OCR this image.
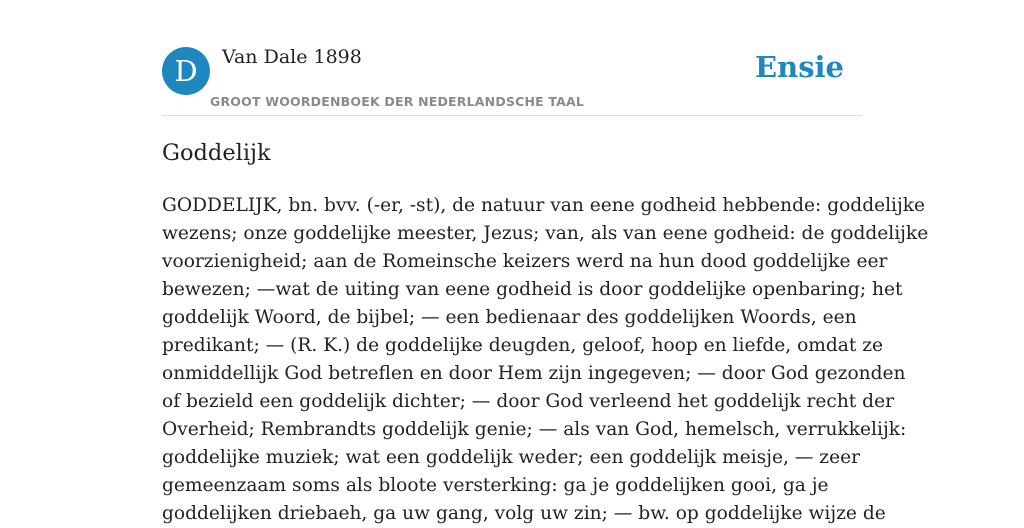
D	Van Dale 1898
GROOT WOORDENBOEK DER NEDERLANDSCHE TAAL
Ensie
Goddelijk

GODDELIJK, bn. bvv. (-er, -st), de natuur van eene godheid hebbende: goddelijke
wezens; onze goddelijke meester, Jezus; van, als van eene godheid: de goddelijke
voorzienigheid; aan de Romeinsche keizers werd na hun dood goddelijke eer
bewezen; —wat de uiting van eene godheid is door goddelijke openbaring; het
goddelijk Woord, de bijbel; — een bedienaar des goddelijken Woords, een
predikant; — (R. K.) de goddelijke deugden, geloof, hoop en liefde, omdat ze
onmiddellijk God betreflen en door Hem zijn ingegeven; — door God gezonden
of bezield een goddelijk dichter; — door God verleend het goddelijk recht der
Overheid; Rembrandts goddelijk genie; — als van God, hemelsch, verrukkelijk:
goddelijke muziek; wat een goddelijk weder; een goddelijk meisje, — zeer
gemeenzaam soms als bloote versterking: ga je goddelijken gooi, ga je
goddelijken driebaeh, ga uw gang, volg uw zin; — bw. op goddelijke wijze de
